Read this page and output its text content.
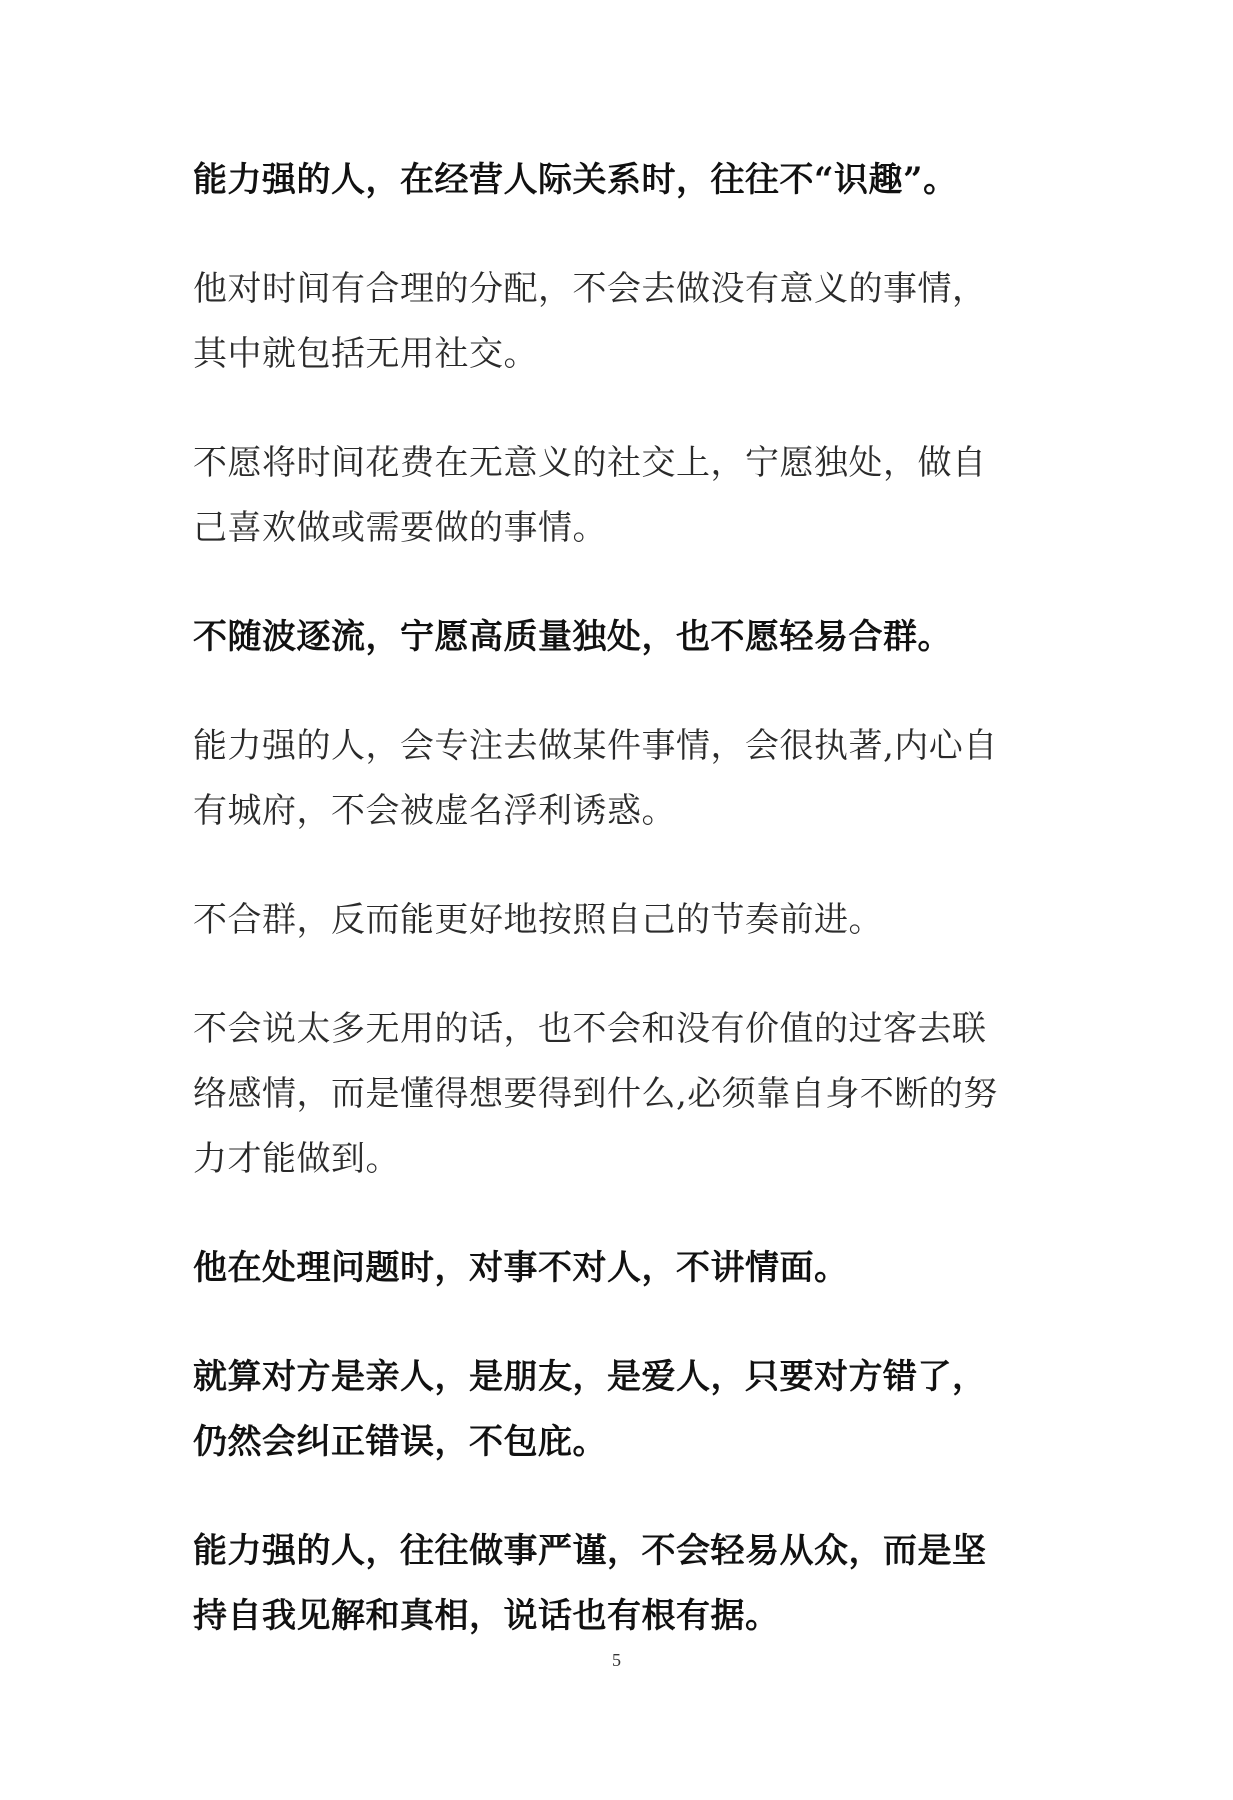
能力强的人，在经营人际关系时，往往不“识趣”。

他对时间有合理的分配，不会去做没有意义的事情，其中就包括无用社交。

不愿将时间花费在无意义的社交上，宁愿独处，做自己喜欢做或需要做的事情。

不随波逐流，宁愿高质量独处，也不愿轻易合群。

能力强的人，会专注去做某件事情，会很执著,内心自有城府，不会被虚名浮利诱惑。

不合群，反而能更好地按照自己的节奏前进。

不会说太多无用的话，也不会和没有价值的过客去联络感情，而是懂得想要得到什么,必须靠自身不断的努力才能做到。

他在处理问题时，对事不对人，不讲情面。

就算对方是亲人，是朋友，是爱人，只要对方错了，仍然会纠正错误，不包庇。

能力强的人，往往做事严谨，不会轻易从众，而是坚持自我见解和真相，说话也有根有据。

5
